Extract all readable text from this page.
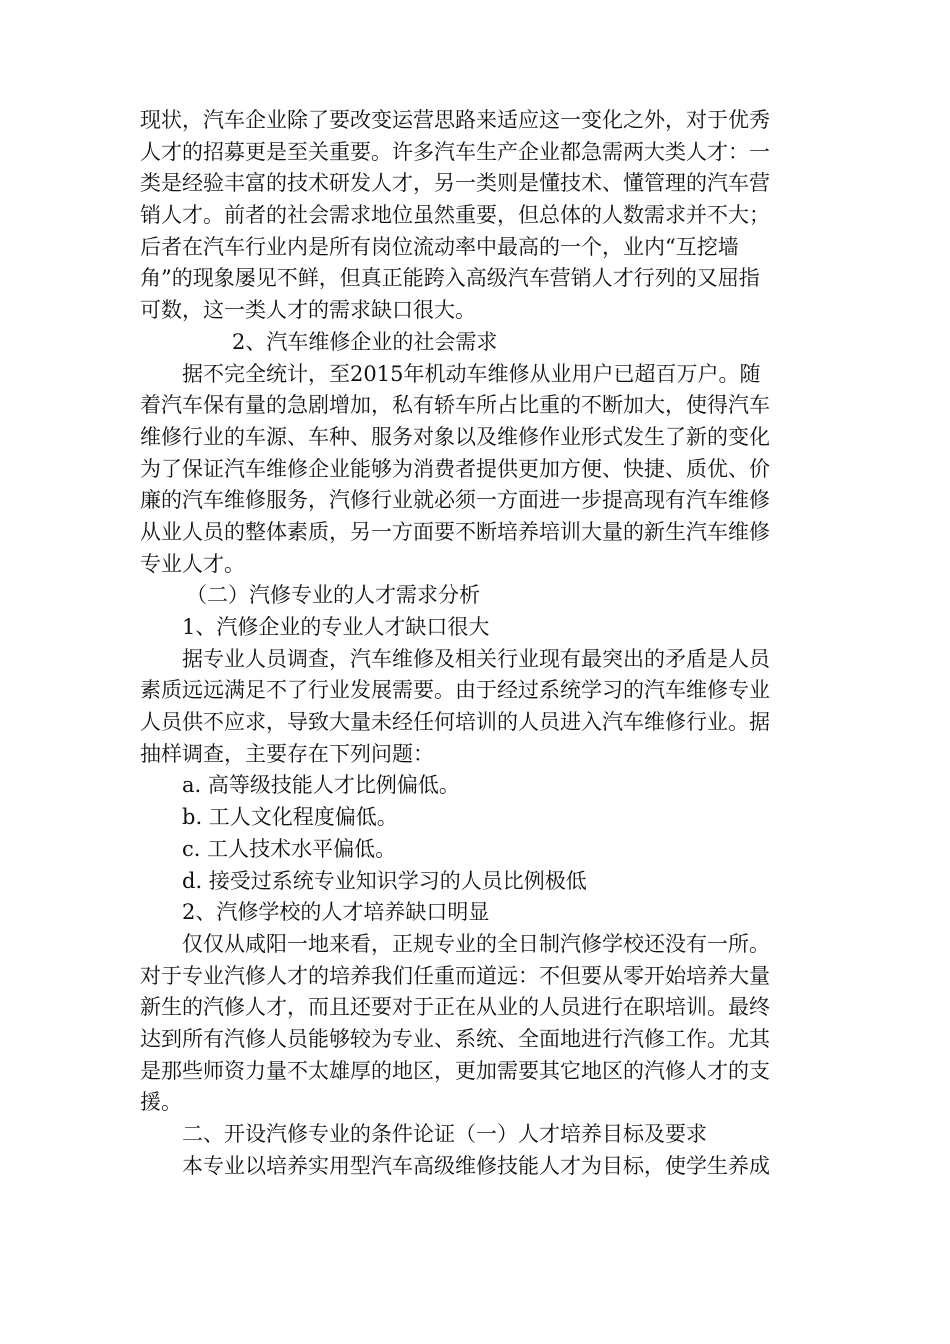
现状，汽车企业除了要改变运营思路来适应这一变化之外，对于优秀
人才的招募更是至关重要。许多汽车生产企业都急需两大类人才：一
类是经验丰富的技术研发人才，另一类则是懂技术、懂管理的汽车营
销人才。前者的社会需求地位虽然重要，但总体的人数需求并不大；
后者在汽车行业内是所有岗位流动率中最高的一个，业内“互挖墙
角”的现象屡见不鲜，但真正能跨入高级汽车营销人才行列的又屈指
可数，这一类人才的需求缺口很大。
2、汽车维修企业的社会需求
据不完全统计，至2015年机动车维修从业用户已超百万户。随
着汽车保有量的急剧增加，私有轿车所占比重的不断加大，使得汽车
维修行业的车源、车种、服务对象以及维修作业形式发生了新的变化
为了保证汽车维修企业能够为消费者提供更加方便、快捷、质优、价
廉的汽车维修服务，汽修行业就必须一方面进一步提高现有汽车维修
从业人员的整体素质，另一方面要不断培养培训大量的新生汽车维修
专业人才。
（二）汽修专业的人才需求分析
1、汽修企业的专业人才缺口很大
据专业人员调查，汽车维修及相关行业现有最突出的矛盾是人员
素质远远满足不了行业发展需要。由于经过系统学习的汽车维修专业
人员供不应求，导致大量未经任何培训的人员进入汽车维修行业。据
抽样调查，主要存在下列问题：
a. 高等级技能人才比例偏低。
b. 工人文化程度偏低。
c. 工人技术水平偏低。
d. 接受过系统专业知识学习的人员比例极低
2、汽修学校的人才培养缺口明显
仅仅从咸阳一地来看，正规专业的全日制汽修学校还没有一所。
对于专业汽修人才的培养我们任重而道远：不但要从零开始培养大量
新生的汽修人才，而且还要对于正在从业的人员进行在职培训。最终
达到所有汽修人员能够较为专业、系统、全面地进行汽修工作。尤其
是那些师资力量不太雄厚的地区，更加需要其它地区的汽修人才的支
援。
二、开设汽修专业的条件论证（一）人才培养目标及要求
本专业以培养实用型汽车高级维修技能人才为目标，使学生养成
